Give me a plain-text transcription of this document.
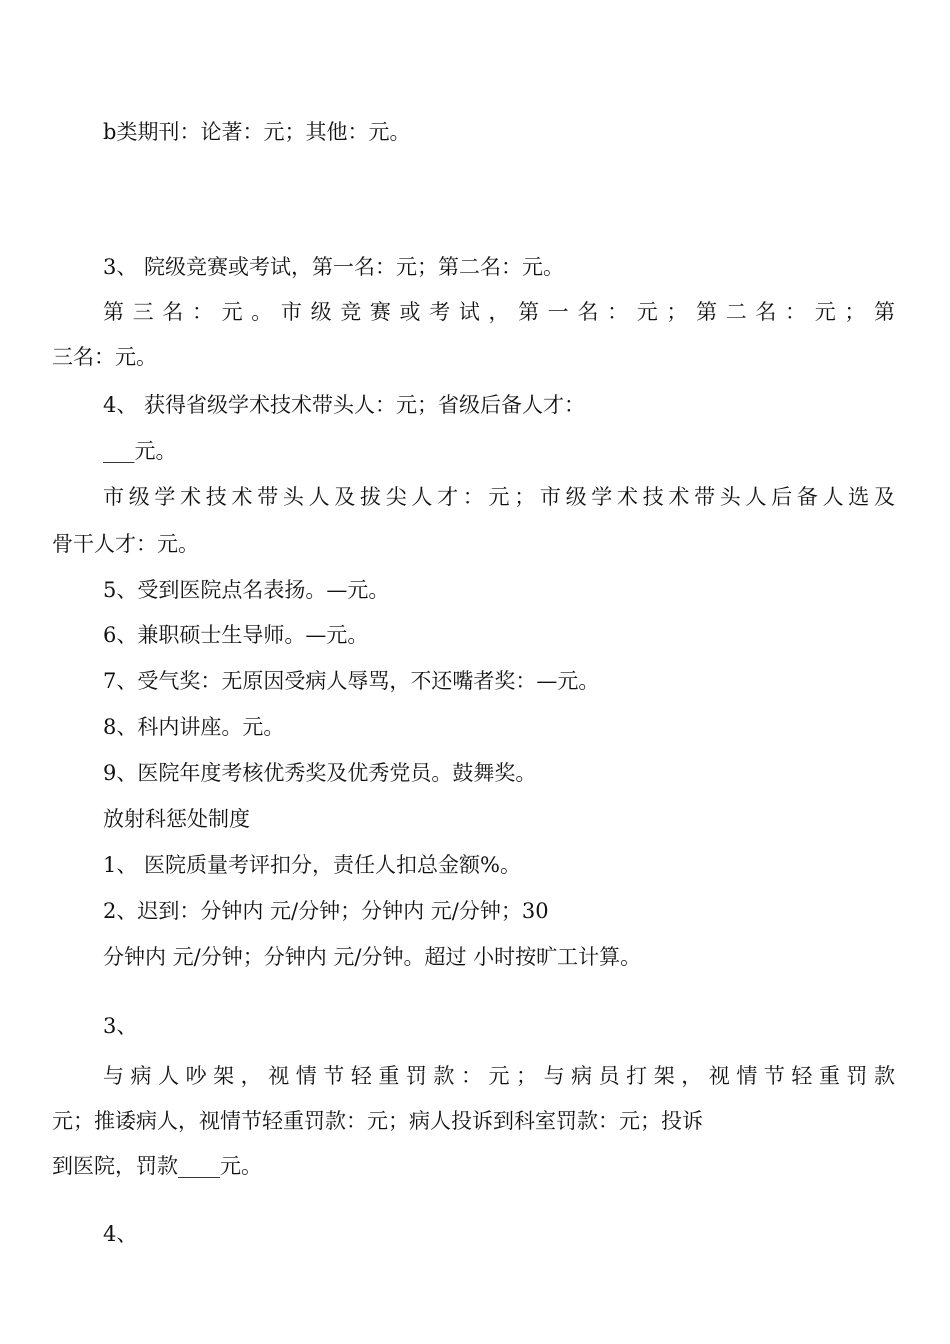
b类期刊：论著：元；其他：元。
3、 院级竞赛或考试，第一名：元；第二名：元。
第三名：元。市级竞赛或考试，第一名：元；第二名：元；第
三名：元。
4、 获得省级学术技术带头人：元；省级后备人才：
___元。
市级学术技术带头人及拔尖人才：元；市级学术技术带头人后备人选及
骨干人才：元。
5、受到医院点名表扬。—元。
6、兼职硕士生导师。—元。
7、受气奖：无原因受病人辱骂，不还嘴者奖：—元。
8、科内讲座。元。
9、医院年度考核优秀奖及优秀党员。鼓舞奖。
放射科惩处制度
1、 医院质量考评扣分，责任人扣总金额%。
2、迟到：分钟内 元/分钟；分钟内 元/分钟；30
分钟内 元/分钟；分钟内 元/分钟。超过 小时按旷工计算。
3、
与病人吵架，视情节轻重罚款：元；与病员打架，视情节轻重罚款
元；推诿病人，视情节轻重罚款：元；病人投诉到科室罚款：元；投诉
到医院，罚款____元。
4、
